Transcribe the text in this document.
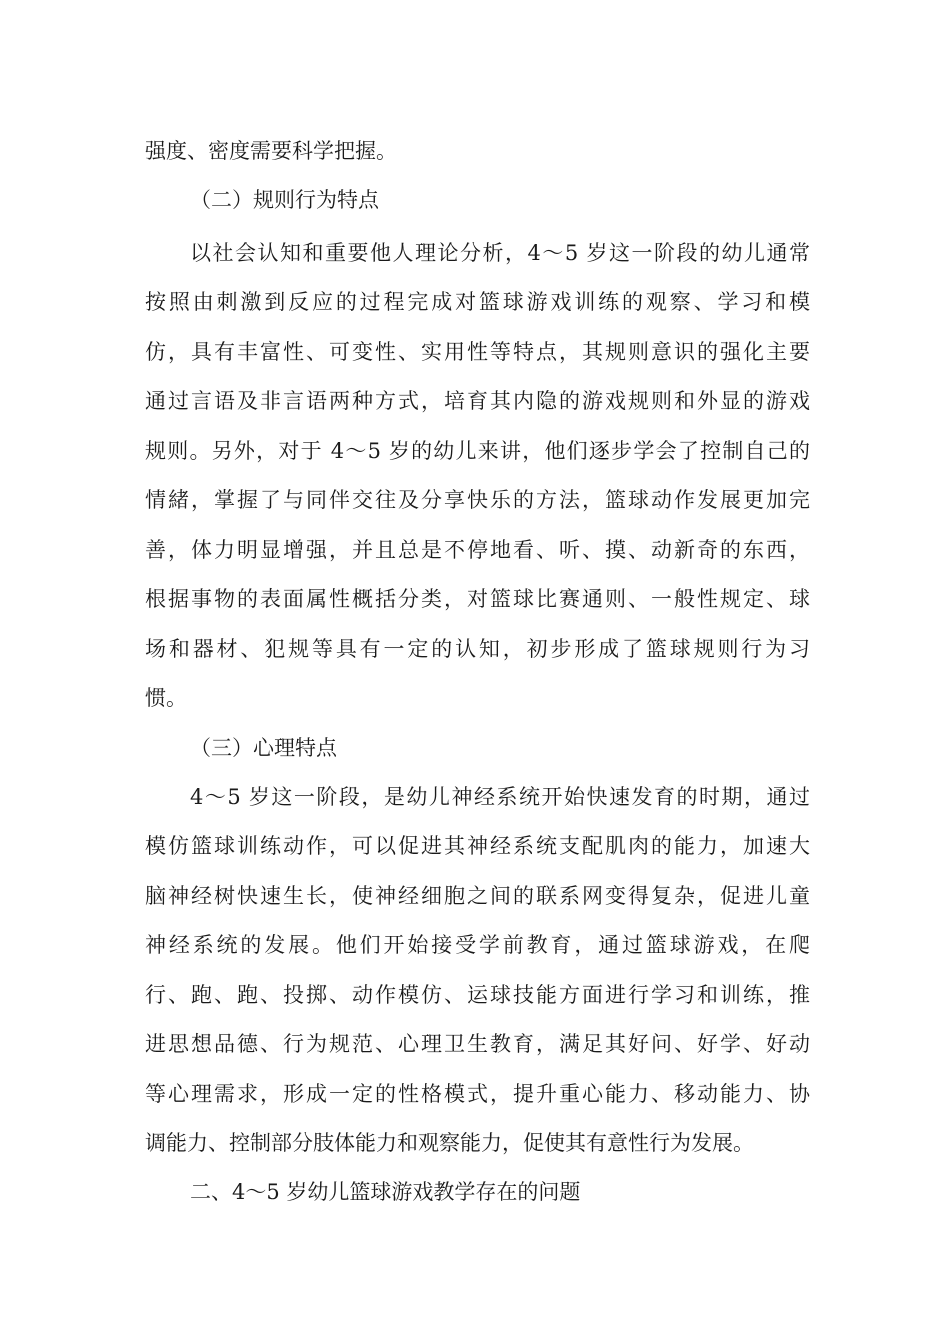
强度、密度需要科学把握。
（二）规则行为特点
以社会认知和重要他人理论分析，4～5 岁这一阶段的幼儿通常
按照由刺激到反应的过程完成对篮球游戏训练的观察、学习和模
仿，具有丰富性、可变性、实用性等特点，其规则意识的强化主要
通过言语及非言语两种方式，培育其内隐的游戏规则和外显的游戏
规则。另外，对于 4～5 岁的幼儿来讲，他们逐步学会了控制自己的
情緒，掌握了与同伴交往及分享快乐的方法，篮球动作发展更加完
善，体力明显增强，并且总是不停地看、听、摸、动新奇的东西，
根据事物的表面属性概括分类，对篮球比赛通则、一般性规定、球
场和器材、犯规等具有一定的认知，初步形成了篮球规则行为习
惯。
（三）心理特点
4～5 岁这一阶段，是幼儿神经系统开始快速发育的时期，通过
模仿篮球训练动作，可以促进其神经系统支配肌肉的能力，加速大
脑神经树快速生长，使神经细胞之间的联系网变得复杂，促进儿童
神经系统的发展。他们开始接受学前教育，通过篮球游戏，在爬
行、跑、跑、投掷、动作模仿、运球技能方面进行学习和训练，推
进思想品德、行为规范、心理卫生教育，满足其好问、好学、好动
等心理需求，形成一定的性格模式，提升重心能力、移动能力、协
调能力、控制部分肢体能力和观察能力，促使其有意性行为发展。
二、4～5 岁幼儿篮球游戏教学存在的问题
